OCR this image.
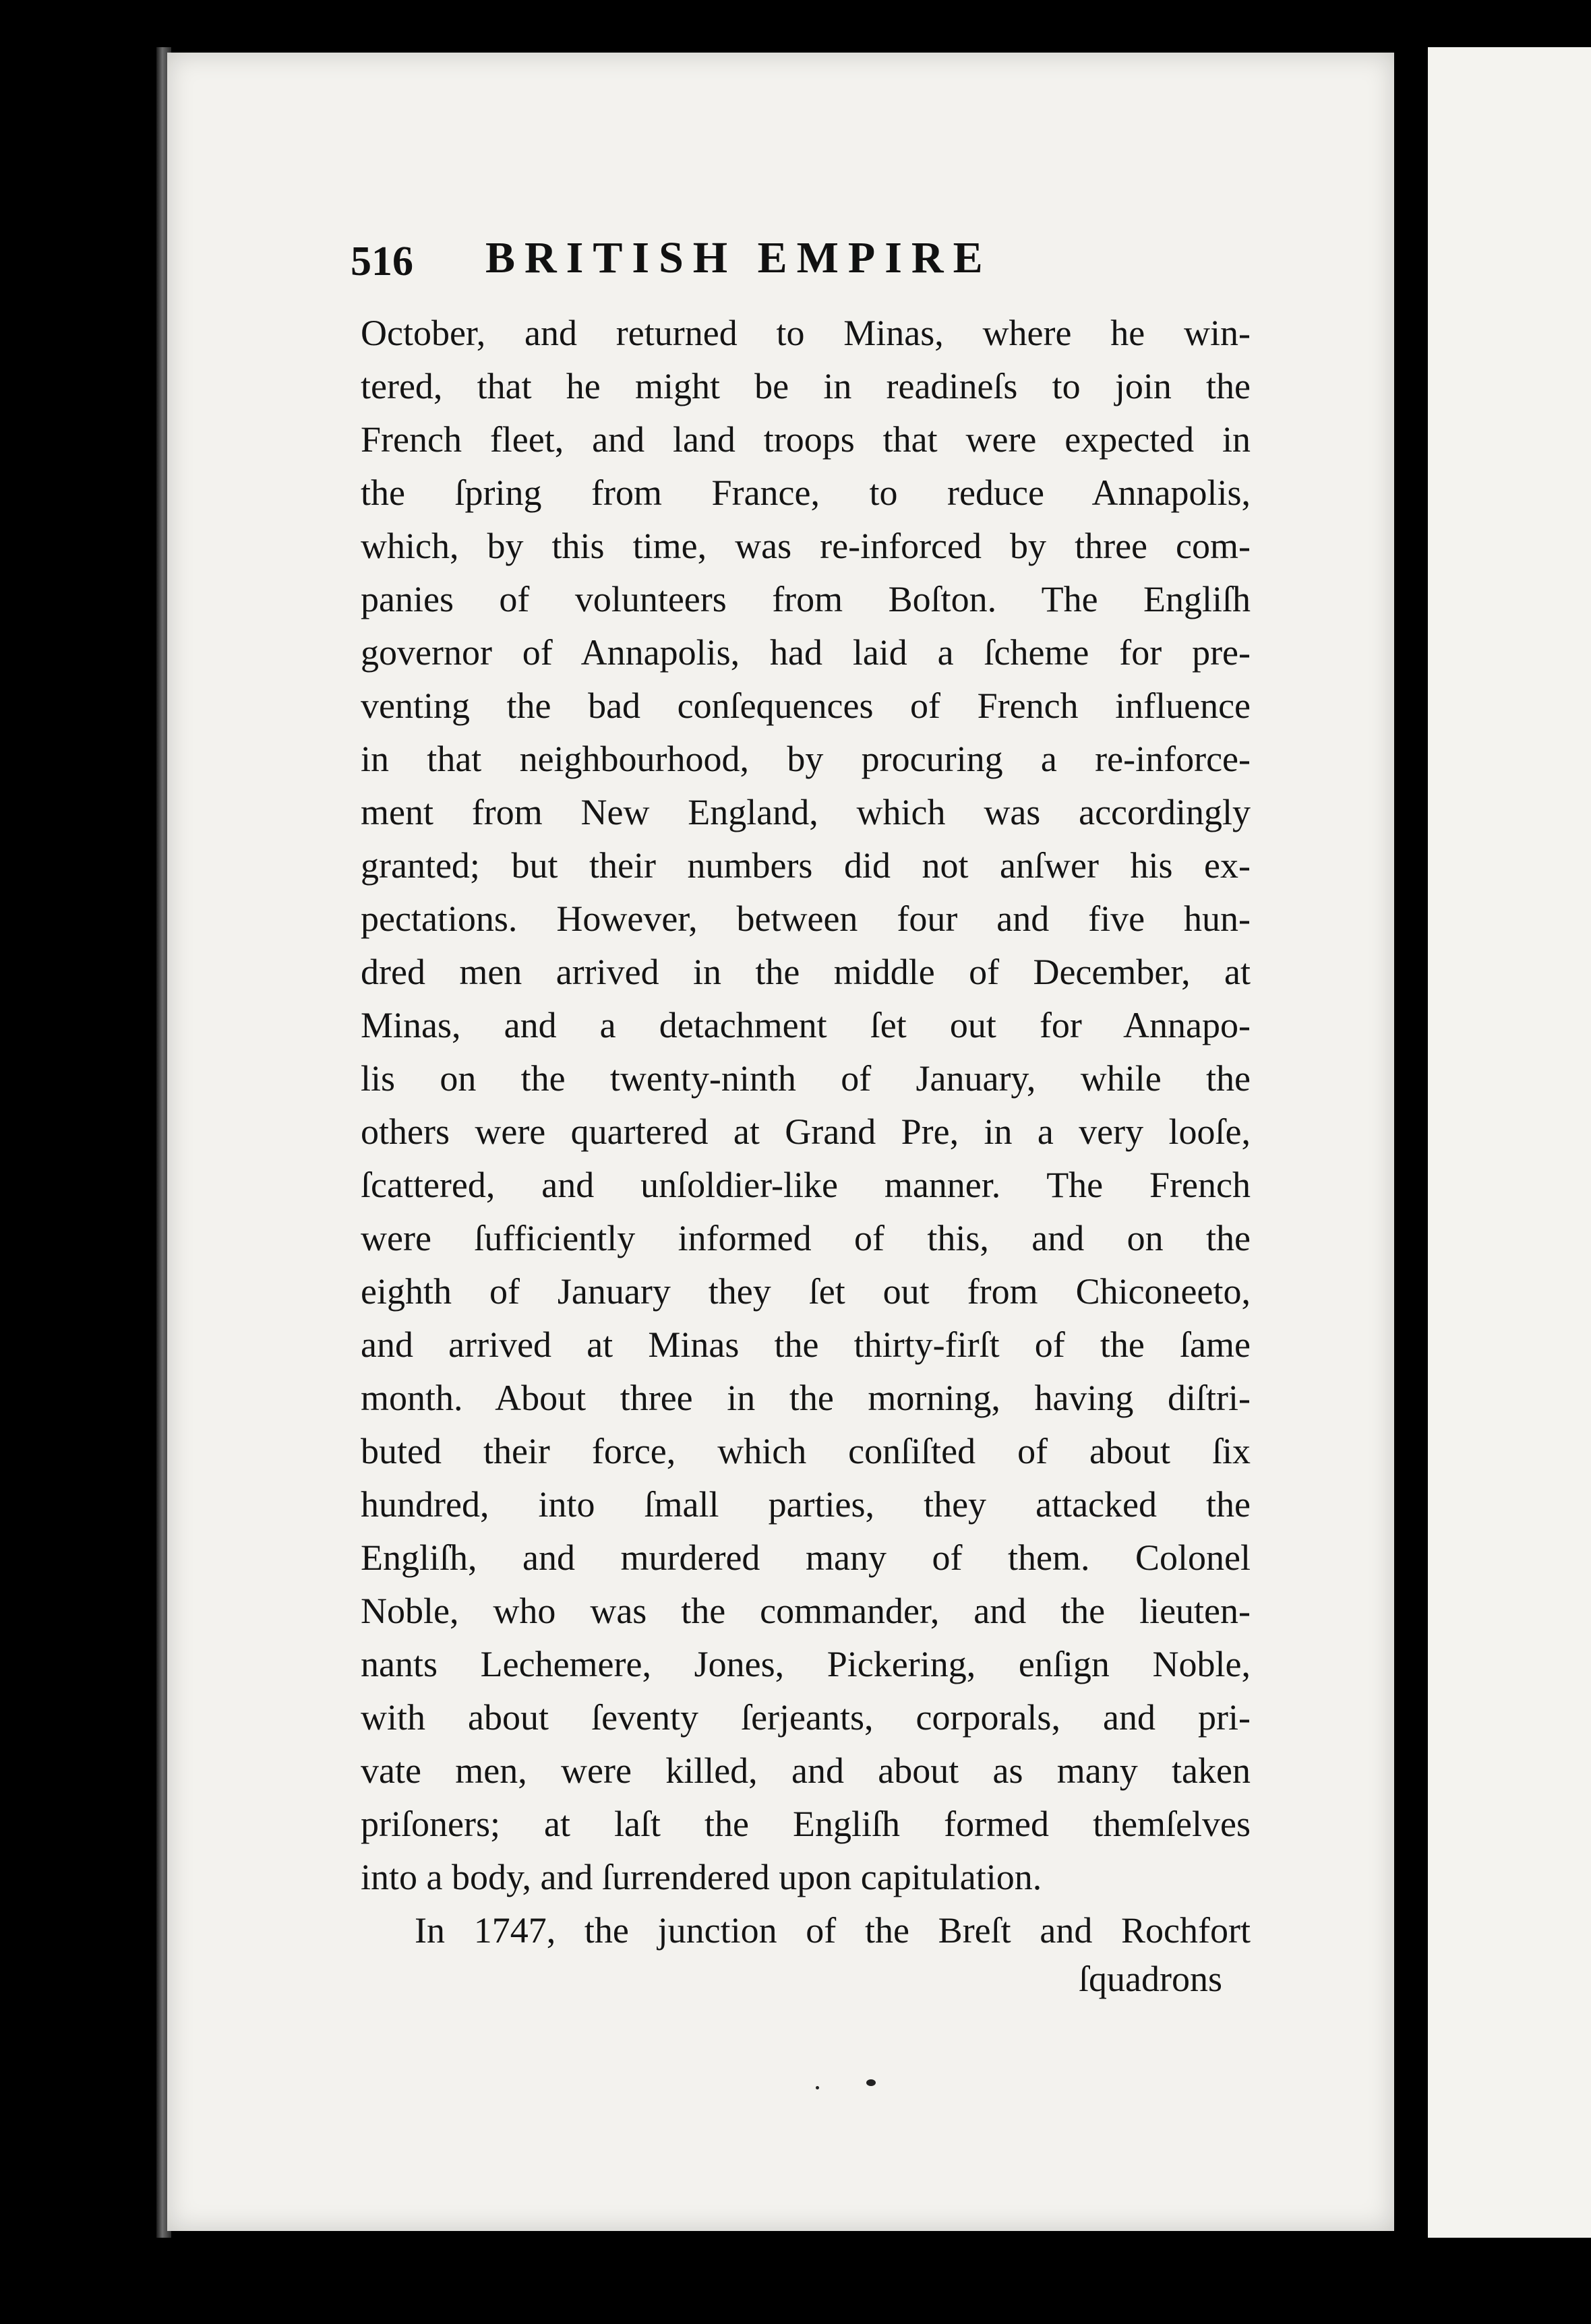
516 BRITISH EMPIRE
October, and returned to Minas, where he win-
tered, that he might be in readineſs to join the
French fleet, and land troops that were expected in
the ſpring from France, to reduce Annapolis,
which, by this time, was re-inforced by three com-
panies of volunteers from Boſton. The Engliſh
governor of Annapolis, had laid a ſcheme for pre-
venting the bad conſequences of French influence
in that neighbourhood, by procuring a re-inforce-
ment from New England, which was accordingly
granted; but their numbers did not anſwer his ex-
pectations. However, between four and five hun-
dred men arrived in the middle of December, at
Minas, and a detachment ſet out for Annapo-
lis on the twenty-ninth of January, while the
others were quartered at Grand Pre, in a very looſe,
ſcattered, and unſoldier-like manner. The French
were ſufficiently informed of this, and on the
eighth of January they ſet out from Chiconeeto,
and arrived at Minas the thirty-firſt of the ſame
month. About three in the morning, having diſtri-
buted their force, which conſiſted of about ſix
hundred, into ſmall parties, they attacked the
Engliſh, and murdered many of them. Colonel
Noble, who was the commander, and the lieuten-
nants Lechemere, Jones, Pickering, enſign Noble,
with about ſeventy ſerjeants, corporals, and pri-
vate men, were killed, and about as many taken
priſoners; at laſt the Engliſh formed themſelves
into a body, and ſurrendered upon capitulation.
In 1747, the junction of the Breſt and Rochfort
ſquadrons
